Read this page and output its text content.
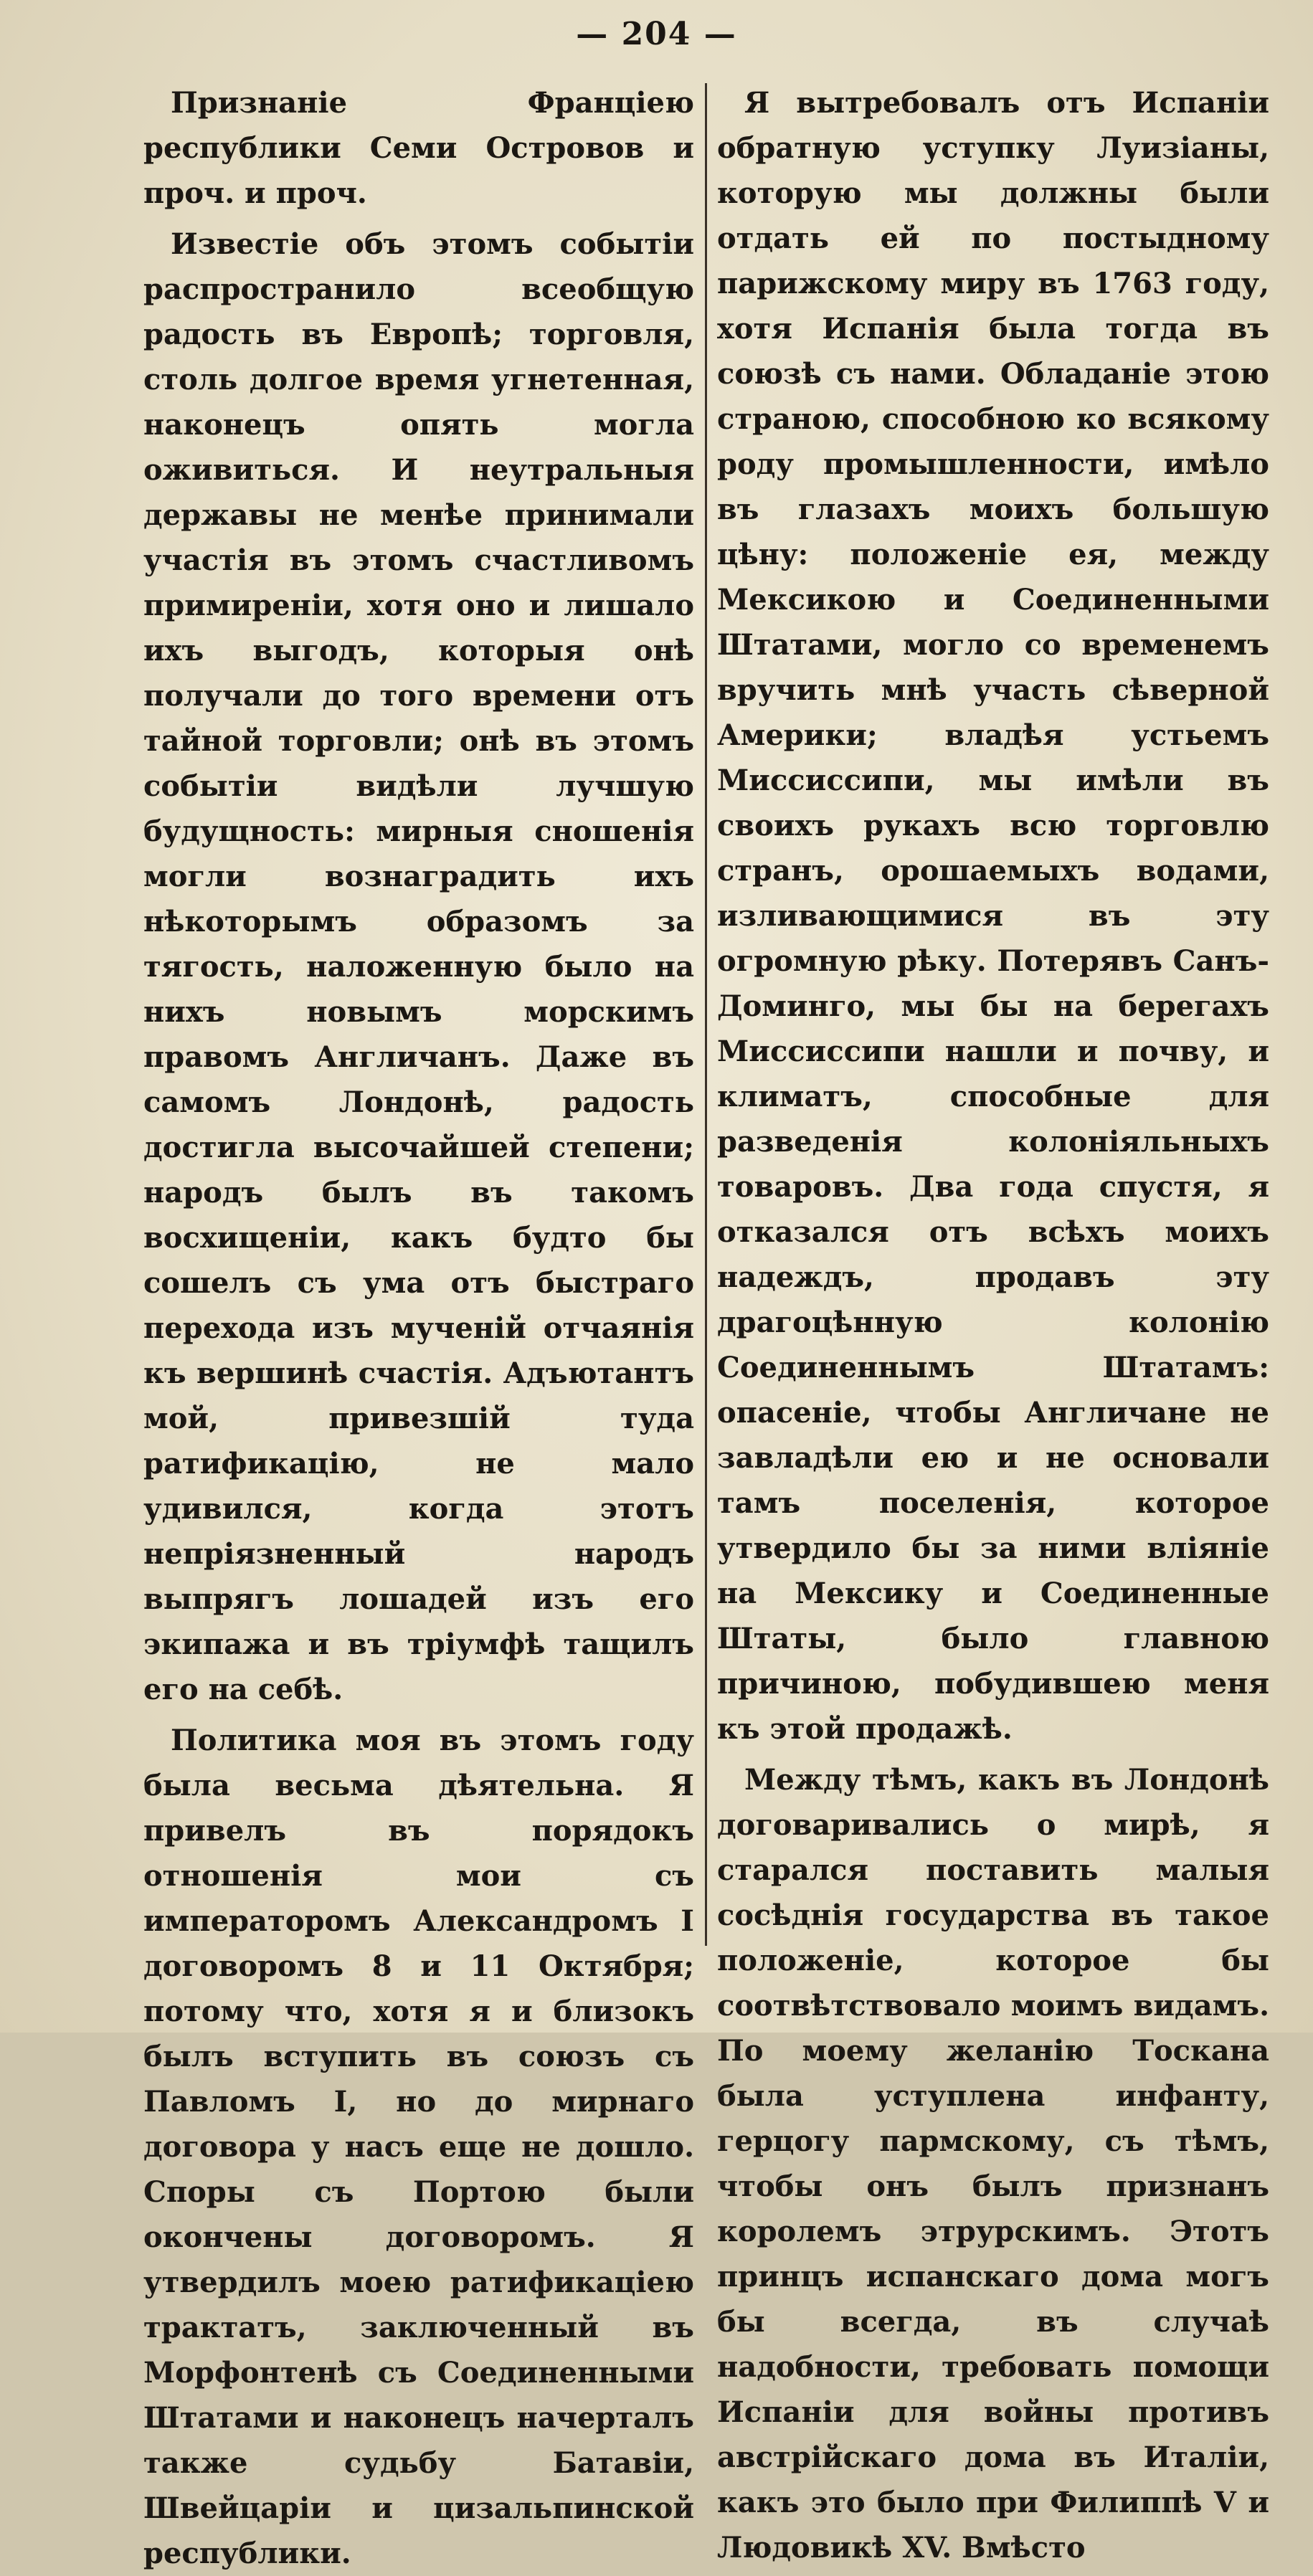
— 204 —

Признаніе Франціею республики Семи Островов и проч. и проч.

Известіе объ этомъ событіи распространило всеобщую радость въ Европѣ; торговля, столь долгое время угнетенная, наконецъ опять могла оживиться. И неутральныя державы не менѣе принимали участія въ этомъ счастливомъ примиреніи, хотя оно и лишало ихъ выгодъ, которыя онѣ получали до того времени отъ тайной торговли; онѣ въ этомъ событіи видѣли лучшую будущность: мирныя сношенія могли вознаградить ихъ нѣкоторымъ образомъ за тягость, наложенную было на нихъ новымъ морскимъ правомъ Англичанъ. Даже въ самомъ Лондонѣ, радость достигла высочайшей степени; народъ былъ въ такомъ восхищеніи, какъ будто бы сошелъ съ ума отъ быстраго перехода изъ мученій отчаянія къ вершинѣ счастія. Адъютантъ мой, привезшій туда ратификацію, не мало удивился, когда этотъ непріязненный народъ выпрягъ лошадей изъ его экипажа и въ тріумфѣ тащилъ его на себѣ.

Политика моя въ этомъ году была весьма дѣятельна. Я привелъ въ порядокъ отношенія мои съ императоромъ Александромъ I договоромъ 8 и 11 Октября; потому что, хотя я и близокъ былъ вступить въ союзъ съ Павломъ I, но до мирнаго договора у насъ еще не дошло. Споры съ Портою были окончены договоромъ. Я утвердилъ моею ратификаціею трактатъ, заключенный въ Морфонтенѣ съ Соединенными Штатами и наконецъ начерталъ также судьбу Батавіи, Швейцаріи и цизальпинской республики.

Я вытребовалъ отъ Испаніи обратную уступку Луизіаны, которую мы должны были отдать ей по постыдному парижскому миру въ 1763 году, хотя Испанія была тогда въ союзѣ съ нами. Обладаніе этою страною, способною ко всякому роду промышленности, имѣло въ глазахъ моихъ большую цѣну: положеніе ея, между Мексикою и Соединенными Штатами, могло со временемъ вручить мнѣ участь сѣверной Америки; владѣя устьемъ Миссиссипи, мы имѣли въ своихъ рукахъ всю торговлю странъ, орошаемыхъ водами, изливающимися въ эту огромную рѣку. Потерявъ Санъ-Доминго, мы бы на берегахъ Миссиссипи нашли и почву, и климатъ, способные для разведенія колоніяльныхъ товаровъ. Два года спустя, я отказался отъ всѣхъ моихъ надеждъ, продавъ эту драгоцѣнную колонію Соединеннымъ Штатамъ: опасеніе, чтобы Англичане не завладѣли ею и не основали тамъ поселенія, которое утвердило бы за ними вліяніе на Мексику и Соединенные Штаты, было главною причиною, побудившею меня къ этой продажѣ.

Между тѣмъ, какъ въ Лондонѣ договаривались о мирѣ, я старался поставить малыя сосѣднія государства въ такое положеніе, которое бы соотвѣтствовало моимъ видамъ. По моему желанію Тоскана была уступлена инфанту, герцогу пармскому, съ тѣмъ, чтобы онъ былъ признанъ королемъ этрурскимъ. Этотъ принцъ испанскаго дома могъ бы всегда, въ случаѣ надобности, требовать помощи Испаніи для войны противъ австрійскаго дома въ Италіи, какъ это было при Филиппѣ V и Людовикѣ XV. Вмѣсто
